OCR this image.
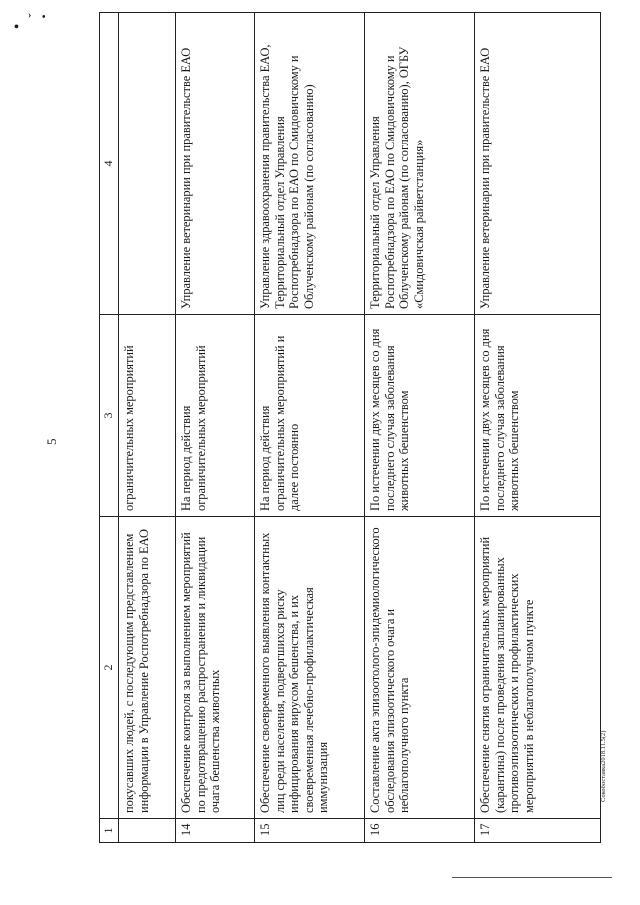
•
› •
5
1	2	3	4
	покусавших людей, с последующим представлением информации в Управление Роспотребнадзора по ЕАО	ограничительных мероприятий	
14	Обеспечение контроля за выполнением мероприятий по предотвращению распространения и ликвидации очага бешенства животных	На период действия ограничительных мероприятий	Управление ветеринарии при правительстве ЕАО
15	Обеспечение своевременного выявления контактных лиц среди населения, подвергшихся риску инфицирования вирусом бешенства, и их своевременная лечебно-профилактическая иммунизация	На период действия ограничительных мероприятий и далее постоянно	Управление здравоохранения правительства ЕАО, Территориальный отдел Управления Роспотребнадзора по ЕАО по Смидовичскому и Облученскому районам (по согласованию)
16	Составление акта эпизоотолого-эпидемиологического обследования эпизоотического очага и неблагополучного пункта	По истечении двух месяцев со дня последнего случая заболевания животных бешенством	Территориальный отдел Управления Роспотребнадзора по ЕАО по Смидовичскому и Облученскому районам (по согласованию), ОГБУ «Смидовичская райветстанция»
17	Обеспечение снятия ограничительных мероприятий (карантина) после проведения запланированных противоэпизоотических и профилактических мероприятий в неблагополучном пункте	По истечении двух месяцев со дня последнего случая заболевания животных бешенством	Управление ветеринарии при правительстве ЕАО
Сокобоставка2018.11.5(2)
